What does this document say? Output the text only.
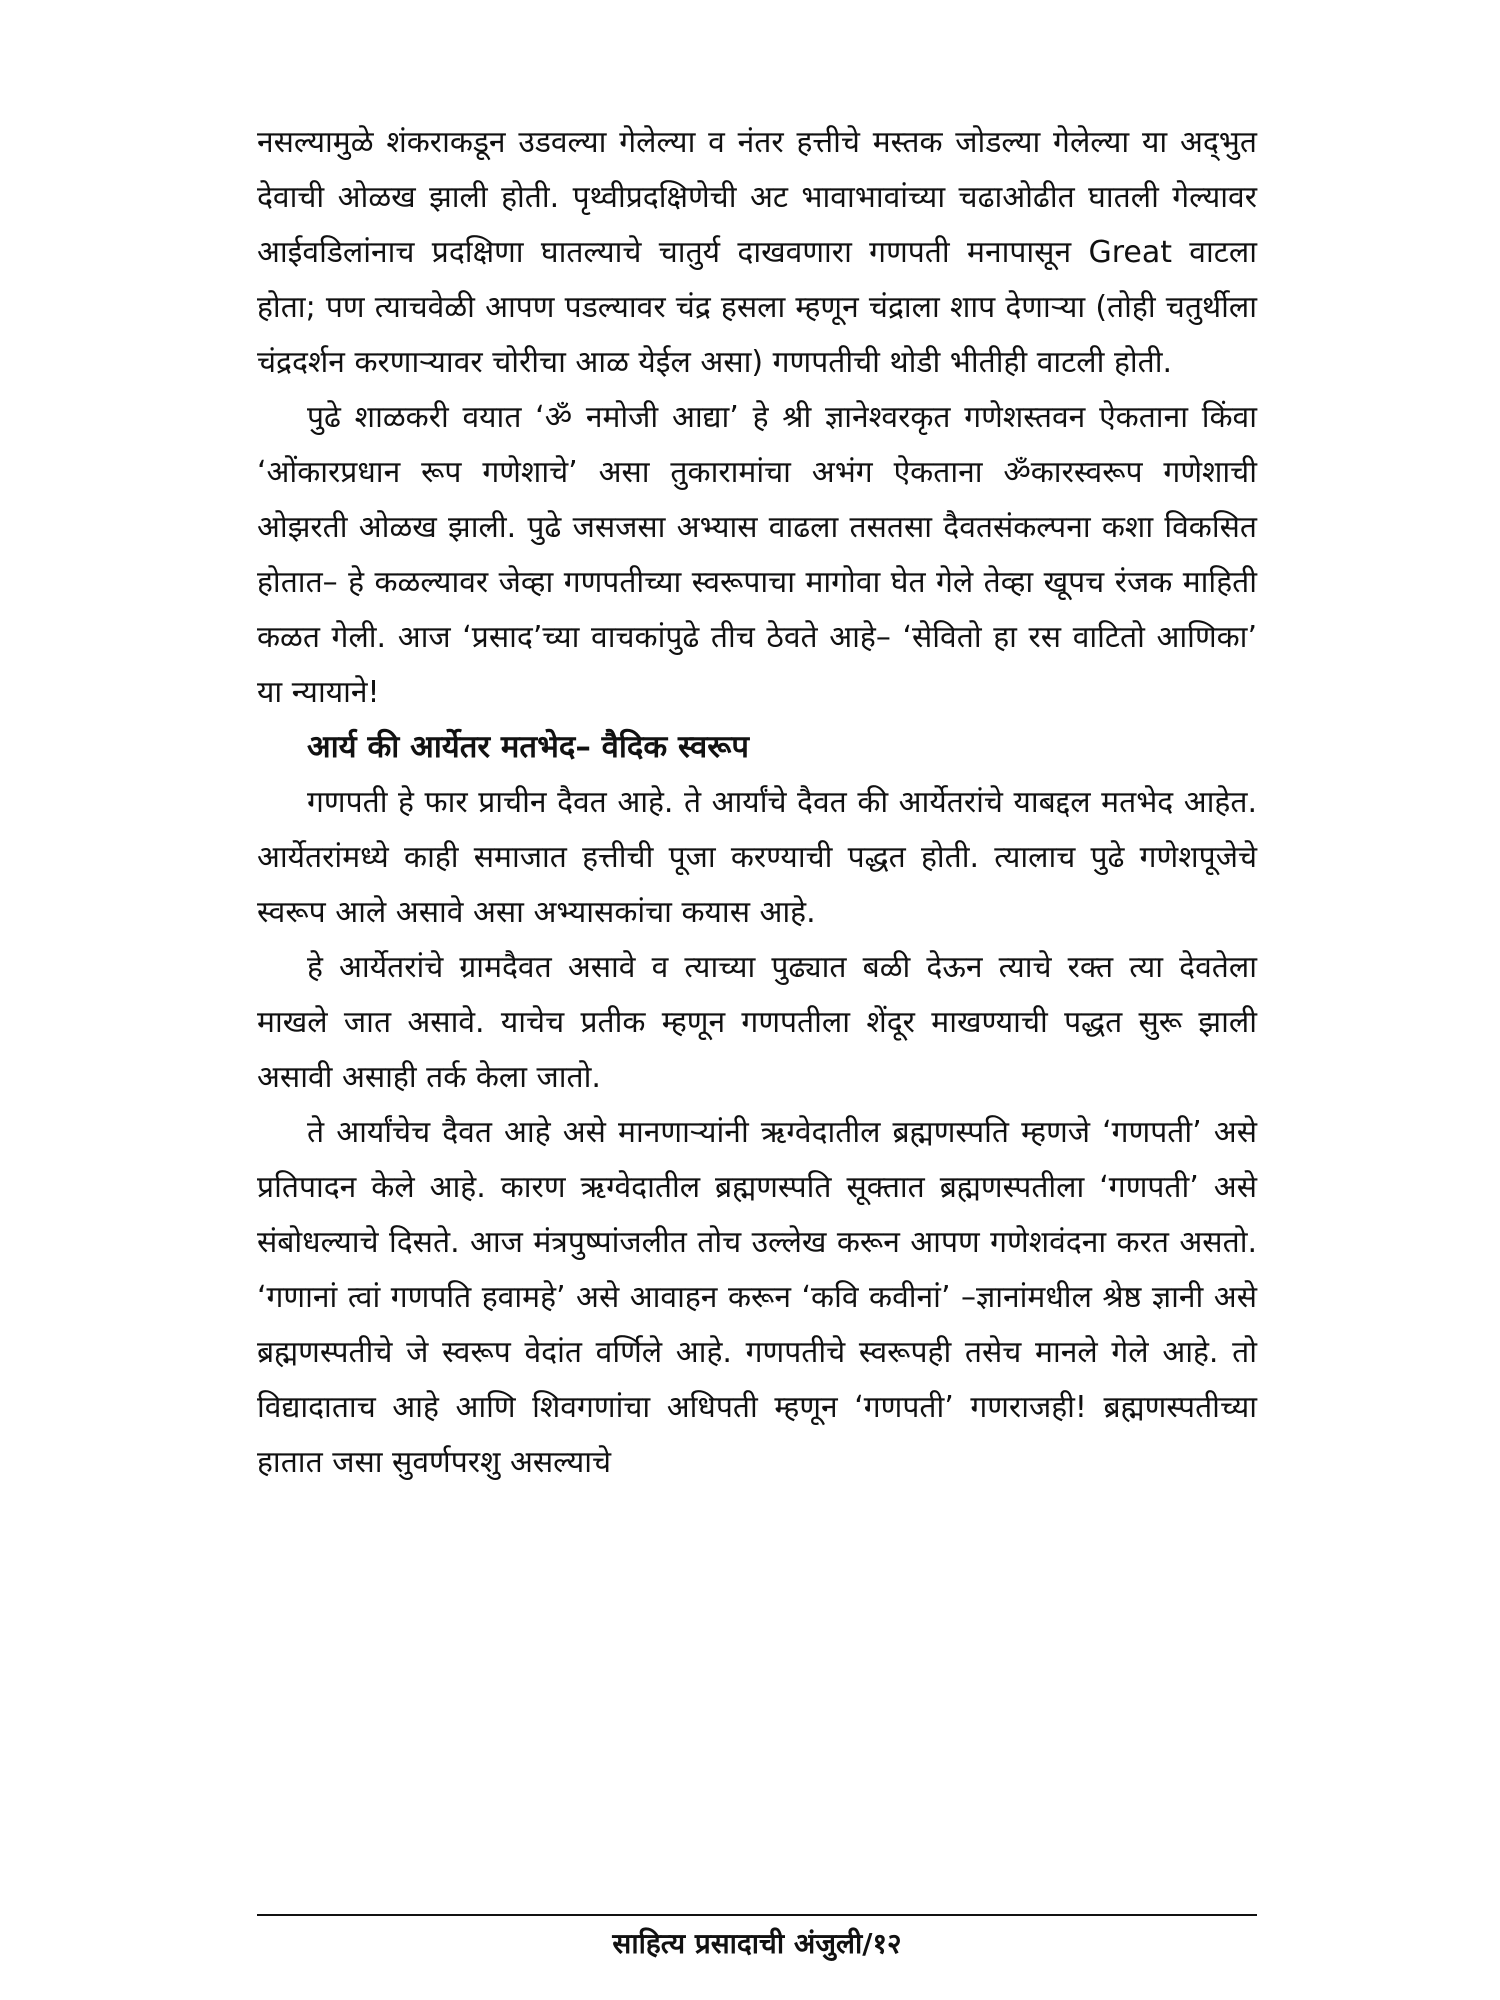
नसल्यामुळे शंकराकडून उडवल्या गेलेल्या व नंतर हत्तीचे मस्तक जोडल्या गेलेल्या या अद्‌भुत देवाची ओळख झाली होती. पृथ्वीप्रदक्षिणेची अट भावाभावांच्या चढाओढीत घातली गेल्यावर आईवडिलांनाच प्रदक्षिणा घातल्याचे चातुर्य दाखवणारा गणपती मनापासून Great वाटला होता; पण त्याचवेळी आपण पडल्यावर चंद्र हसला म्हणून चंद्राला शाप देणाऱ्या (तोही चतुर्थीला चंद्रदर्शन करणाऱ्यावर चोरीचा आळ येईल असा) गणपतीची थोडी भीतीही वाटली होती.

पुढे शाळकरी वयात ‘ॐ नमोजी आद्या’ हे श्री ज्ञानेश्वरकृत गणेशस्तवन ऐकताना किंवा ‘ओंकारप्रधान रूप गणेशाचे’ असा तुकारामांचा अभंग ऐकताना ॐकारस्वरूप गणेशाची ओझरती ओळख झाली. पुढे जसजसा अभ्यास वाढला तसतसा दैवतसंकल्पना कशा विकसित होतात– हे कळल्यावर जेव्हा गणपतीच्या स्वरूपाचा मागोवा घेत गेले तेव्हा खूपच रंजक माहिती कळत गेली. आज ‘प्रसाद’च्या वाचकांपुढे तीच ठेवते आहे– ‘सेवितो हा रस वाटितो आणिका’ या न्यायाने!

आर्य की आर्येतर मतभेद– वैदिक स्वरूप

गणपती हे फार प्राचीन दैवत आहे. ते आर्यांचे दैवत की आर्येतरांचे याबद्दल मतभेद आहेत. आर्येतरांमध्ये काही समाजात हत्तीची पूजा करण्याची पद्धत होती. त्यालाच पुढे गणेशपूजेचे स्वरूप आले असावे असा अभ्यासकांचा कयास आहे.

हे आर्येतरांचे ग्रामदैवत असावे व त्याच्या पुढ्यात बळी देऊन त्याचे रक्त त्या देवतेला माखले जात असावे. याचेच प्रतीक म्हणून गणपतीला शेंदूर माखण्याची पद्धत सुरू झाली असावी असाही तर्क केला जातो.

ते आर्यांचेच दैवत आहे असे मानणाऱ्यांनी ऋग्वेदातील ब्रह्मणस्पति म्हणजे ‘गणपती’ असे प्रतिपादन केले आहे. कारण ऋग्वेदातील ब्रह्मणस्पति सूक्तात ब्रह्मणस्पतीला ‘गणपती’ असे संबोधल्याचे दिसते. आज मंत्रपुष्पांजलीत तोच उल्लेख करून आपण गणेशवंदना करत असतो. ‘गणानां त्वां गणपति हवामहे’ असे आवाहन करून ‘कवि कवीनां’ –ज्ञानांमधील श्रेष्ठ ज्ञानी असे ब्रह्मणस्पतीचे जे स्वरूप वेदांत वर्णिले आहे. गणपतीचे स्वरूपही तसेच मानले गेले आहे. तो विद्यादाताच आहे आणि शिवगणांचा अधिपती म्हणून ‘गणपती’ गणराजही! ब्रह्मणस्पतीच्या हातात जसा सुवर्णपरशु असल्याचे

साहित्य प्रसादाची अंजुली/१२
